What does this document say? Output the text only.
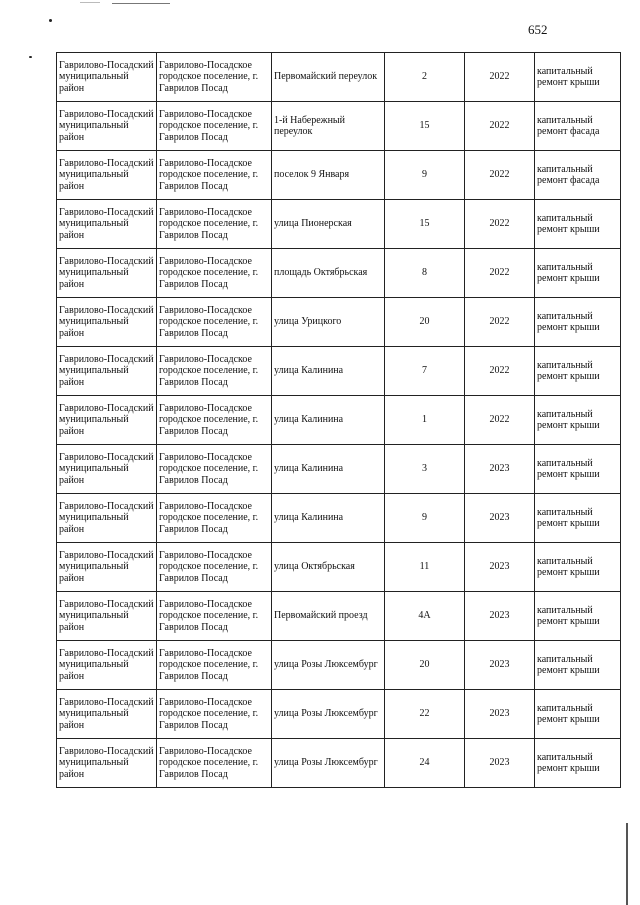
652
Гаврилово-Посадский муниципальный район	Гаврилово-Посадское городское поселение, г. Гаврилов Посад	Первомайский переулок	2	2022	капитальный ремонт крыши
Гаврилово-Посадский муниципальный район	Гаврилово-Посадское городское поселение, г. Гаврилов Посад	1-й Набережный переулок	15	2022	капитальный ремонт фасада
Гаврилово-Посадский муниципальный район	Гаврилово-Посадское городское поселение, г. Гаврилов Посад	поселок 9 Января	9	2022	капитальный ремонт фасада
Гаврилово-Посадский муниципальный район	Гаврилово-Посадское городское поселение, г. Гаврилов Посад	улица Пионерская	15	2022	капитальный ремонт крыши
Гаврилово-Посадский муниципальный район	Гаврилово-Посадское городское поселение, г. Гаврилов Посад	площадь Октябрьская	8	2022	капитальный ремонт крыши
Гаврилово-Посадский муниципальный район	Гаврилово-Посадское городское поселение, г. Гаврилов Посад	улица Урицкого	20	2022	капитальный ремонт крыши
Гаврилово-Посадский муниципальный район	Гаврилово-Посадское городское поселение, г. Гаврилов Посад	улица Калинина	7	2022	капитальный ремонт крыши
Гаврилово-Посадский муниципальный район	Гаврилово-Посадское городское поселение, г. Гаврилов Посад	улица Калинина	1	2022	капитальный ремонт крыши
Гаврилово-Посадский муниципальный район	Гаврилово-Посадское городское поселение, г. Гаврилов Посад	улица Калинина	3	2023	капитальный ремонт крыши
Гаврилово-Посадский муниципальный район	Гаврилово-Посадское городское поселение, г. Гаврилов Посад	улица Калинина	9	2023	капитальный ремонт крыши
Гаврилово-Посадский муниципальный район	Гаврилово-Посадское городское поселение, г. Гаврилов Посад	улица Октябрьская	11	2023	капитальный ремонт крыши
Гаврилово-Посадский муниципальный район	Гаврилово-Посадское городское поселение, г. Гаврилов Посад	Первомайский проезд	4А	2023	капитальный ремонт крыши
Гаврилово-Посадский муниципальный район	Гаврилово-Посадское городское поселение, г. Гаврилов Посад	улица Розы Люксембург	20	2023	капитальный ремонт крыши
Гаврилово-Посадский муниципальный район	Гаврилово-Посадское городское поселение, г. Гаврилов Посад	улица Розы Люксембург	22	2023	капитальный ремонт крыши
Гаврилово-Посадский муниципальный район	Гаврилово-Посадское городское поселение, г. Гаврилов Посад	улица Розы Люксембург	24	2023	капитальный ремонт крыши
